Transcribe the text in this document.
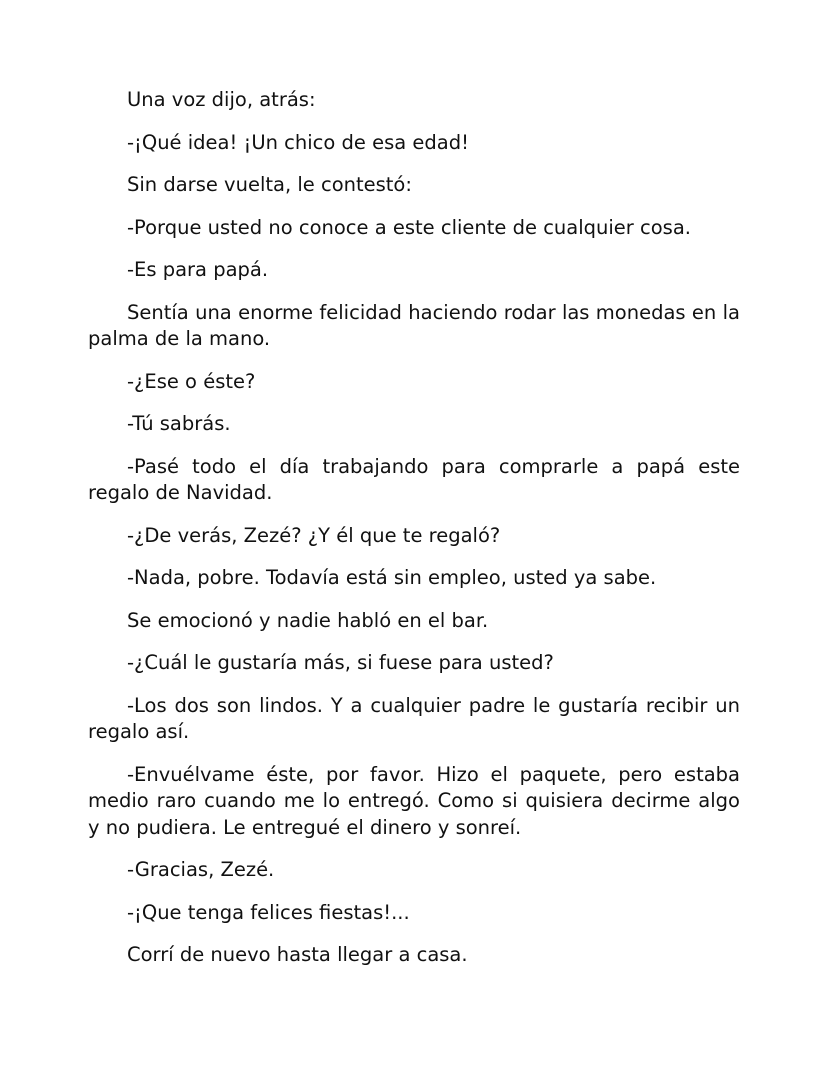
Una voz dijo, atrás:

-¡Qué idea! ¡Un chico de esa edad!

Sin darse vuelta, le contestó:

-Porque usted no conoce a este cliente de cualquier cosa.

-Es para papá.

Sentía una enorme felicidad haciendo rodar las monedas en la palma de la mano.

-¿Ese o éste?

-Tú sabrás.

-Pasé todo el día trabajando para comprarle a papá este regalo de Navidad.

-¿De verás, Zezé? ¿Y él que te regaló?

-Nada, pobre. Todavía está sin empleo, usted ya sabe.

Se emocionó y nadie habló en el bar.

-¿Cuál le gustaría más, si fuese para usted?

-Los dos son lindos. Y a cualquier padre le gustaría recibir un regalo así.

-Envuélvame éste, por favor. Hizo el paquete, pero estaba medio raro cuando me lo entregó. Como si quisiera decirme algo y no pudiera. Le entregué el dinero y sonreí.

-Gracias, Zezé.

-¡Que tenga felices fiestas!...

Corrí de nuevo hasta llegar a casa.
